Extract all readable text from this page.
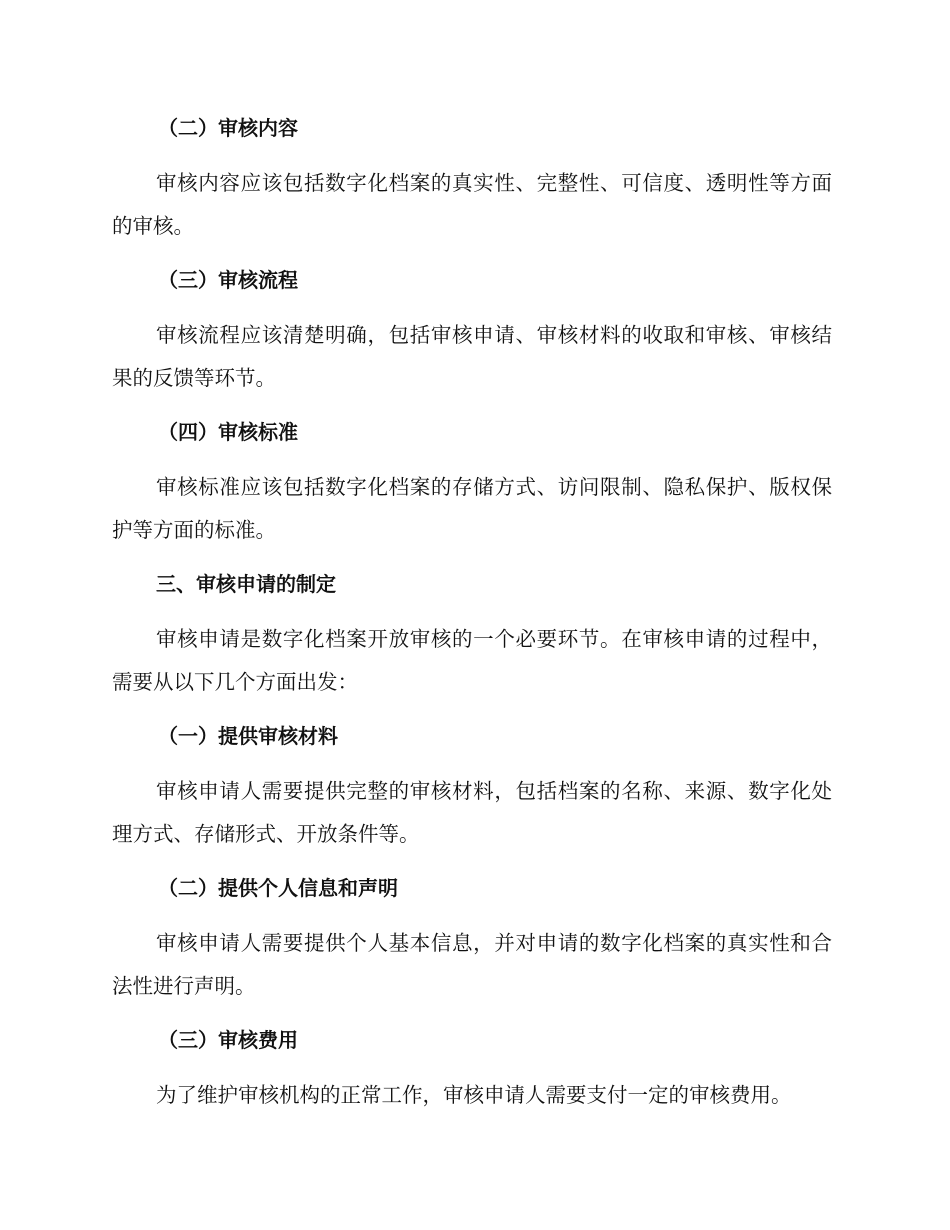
（二）审核内容
审核内容应该包括数字化档案的真实性、完整性、可信度、透明性等方面的审核。
（三）审核流程
审核流程应该清楚明确，包括审核申请、审核材料的收取和审核、审核结果的反馈等环节。
（四）审核标准
审核标准应该包括数字化档案的存储方式、访问限制、隐私保护、版权保护等方面的标准。
三、审核申请的制定
审核申请是数字化档案开放审核的一个必要环节。在审核申请的过程中，需要从以下几个方面出发：
（一）提供审核材料
审核申请人需要提供完整的审核材料，包括档案的名称、来源、数字化处理方式、存储形式、开放条件等。
（二）提供个人信息和声明
审核申请人需要提供个人基本信息，并对申请的数字化档案的真实性和合法性进行声明。
（三）审核费用
为了维护审核机构的正常工作，审核申请人需要支付一定的审核费用。
